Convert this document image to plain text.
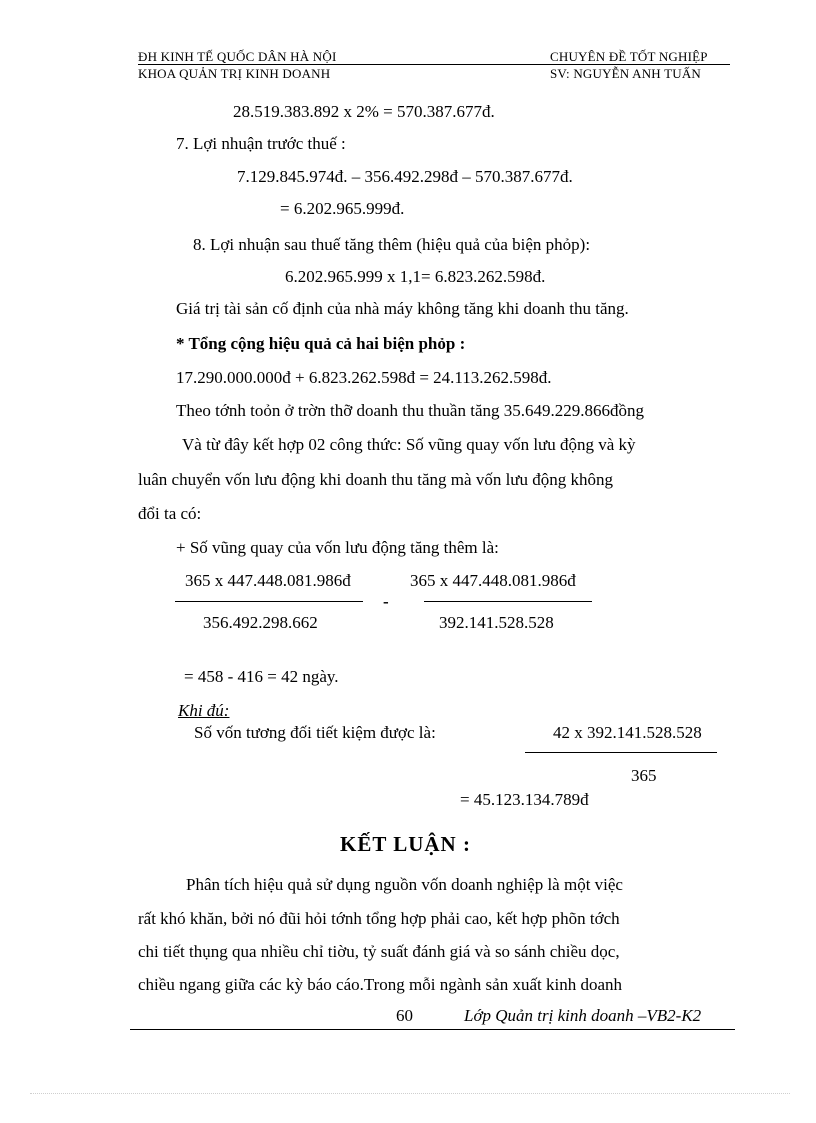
ĐH KINH TẾ QUỐC DÂN HÀ NỘI	CHUYÊN ĐỀ TỐT NGHIỆP
KHOA QUẢN TRỊ KINH DOANH	SV: NGUYỄN ANH TUẤN
28.519.383.892 x 2% = 570.387.677đ.
7. Lợi nhuận trước thuế :
7.129.845.974đ. – 356.492.298đ – 570.387.677đ.
= 6.202.965.999đ.
8. Lợi nhuận sau thuế tăng thêm (hiệu quả của biện phỏp):
6.202.965.999 x 1,1= 6.823.262.598đ.
Giá trị tài sản cố định của nhà máy không tăng khi doanh thu tăng.
* Tổng cộng hiệu quả cả hai biện phỏp :
17.290.000.000đ + 6.823.262.598đ = 24.113.262.598đ.
Theo tớnh toỏn ở trờn thỡ doanh thu thuần tăng 35.649.229.866đồng
Và từ đây kết hợp 02 công thức: Số vũng quay vốn lưu động và kỳ
luân chuyển vốn lưu động khi doanh thu tăng mà vốn lưu động không
đổi ta có:
+ Số vũng quay của vốn lưu động tăng thêm là:
365 x 447.448.081.986đ
356.492.298.662
-
365 x 447.448.081.986đ
392.141.528.528
= 458 - 416 = 42 ngày.
Khi đú:
Số vốn tương đối tiết kiệm được là:	42 x 392.141.528.528
365
= 45.123.134.789đ
KẾT LUẬN :
Phân tích hiệu quả sử dụng nguồn vốn doanh nghiệp là một việc
rất khó khăn, bởi nó đũi hỏi tớnh tổng hợp phải cao, kết hợp phõn tớch
chi tiết thụng qua nhiều chỉ tiờu, tỷ suất đánh giá và so sánh chiều dọc,
chiều ngang giữa các kỳ báo cáo.Trong mỗi ngành sản xuất kinh doanh
60	Lớp Quản trị kinh doanh –VB2-K2
